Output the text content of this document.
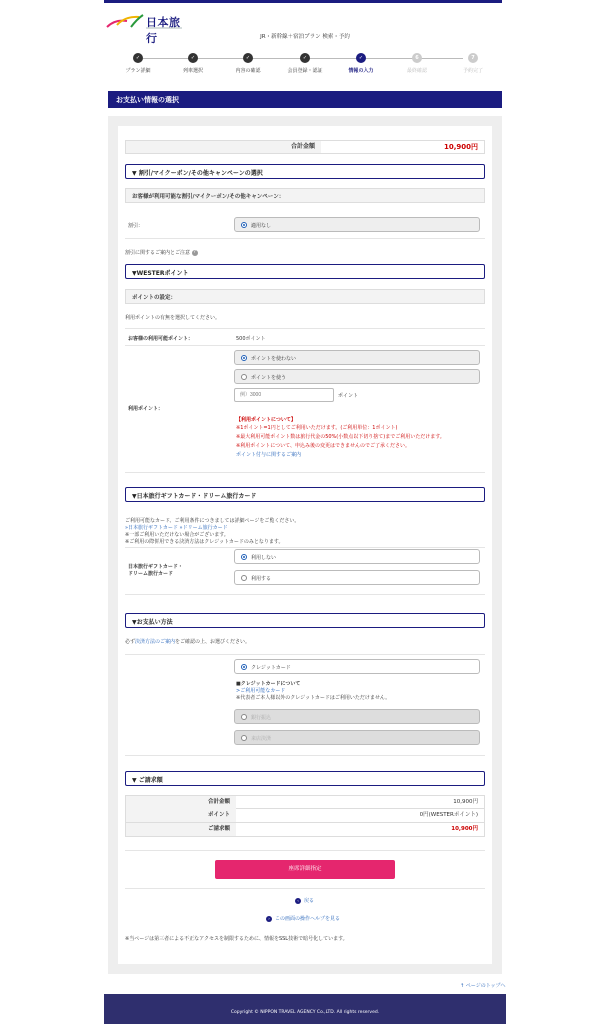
日本旅行	JR・新幹線＋宿泊プラン 検索・予約
✓
プラン詳細
✓
列車選択
✓
内容の確認
✓
会員登録・認証
✓
情報の入力
6
最終確認
7
予約完了
お支払い情報の選択
合計金額	10,900円
▼ 割引/マイクーポン/その他キャンペーンの選択
お客様が利用可能な割引/マイクーポン/その他キャンペーン：
割引：	適用なし
割引に関するご案内とご注意 ?
▼WESTERポイント
ポイントの設定：
利用ポイントの有無を選択してください。
お客様の利用可能ポイント：	500ポイント
ポイントを使わない
ポイントを使う
例）3000
ポイント
利用ポイント：
【利用ポイントについて】
※1ポイント=1円としてご利用いただけます。(ご利用単位：1ポイント)
※最大利用可能ポイント数は旅行代金の50%(小数点以下切り捨て)までご利用いただけます。
※利用ポイントについて、申込み後の変更はできませんのでご了承ください。
ポイント付与に関するご案内
▼日本旅行ギフトカード・ドリーム旅行カード
ご利用可能なカード、ご利用条件につきましては詳細ページをご覧ください。
»日本旅行ギフトカード »ドリーム旅行カード
※一部ご利用いただけない場合がございます。
※ご利用の際併用できる決済方法はクレジットカードのみとなります。
日本旅行ギフトカード・
ドリーム旅行カード
利用しない
利用する
▼お支払い方法
必ず決済方法のご案内をご確認の上、お選びください。
クレジットカード
■クレジットカードについて
>ご利用可能なカード
※代表者ご本人様以外のクレジットカードはご利用いただけません。
銀行振込
来店決済
▼ ご請求額
合計金額	10,900円
ポイント	0円(WESTERポイント)
ご請求額	10,900円
座席詳細指定
‹ 戻る
› この画面の操作ヘルプを見る
※当ページは第三者による不正なアクセスを制限するために、情報をSSL技術で暗号化しています。
↑ ページのトップへ
Copyright © NIPPON TRAVEL AGENCY Co.,LTD. All rights reserved.
